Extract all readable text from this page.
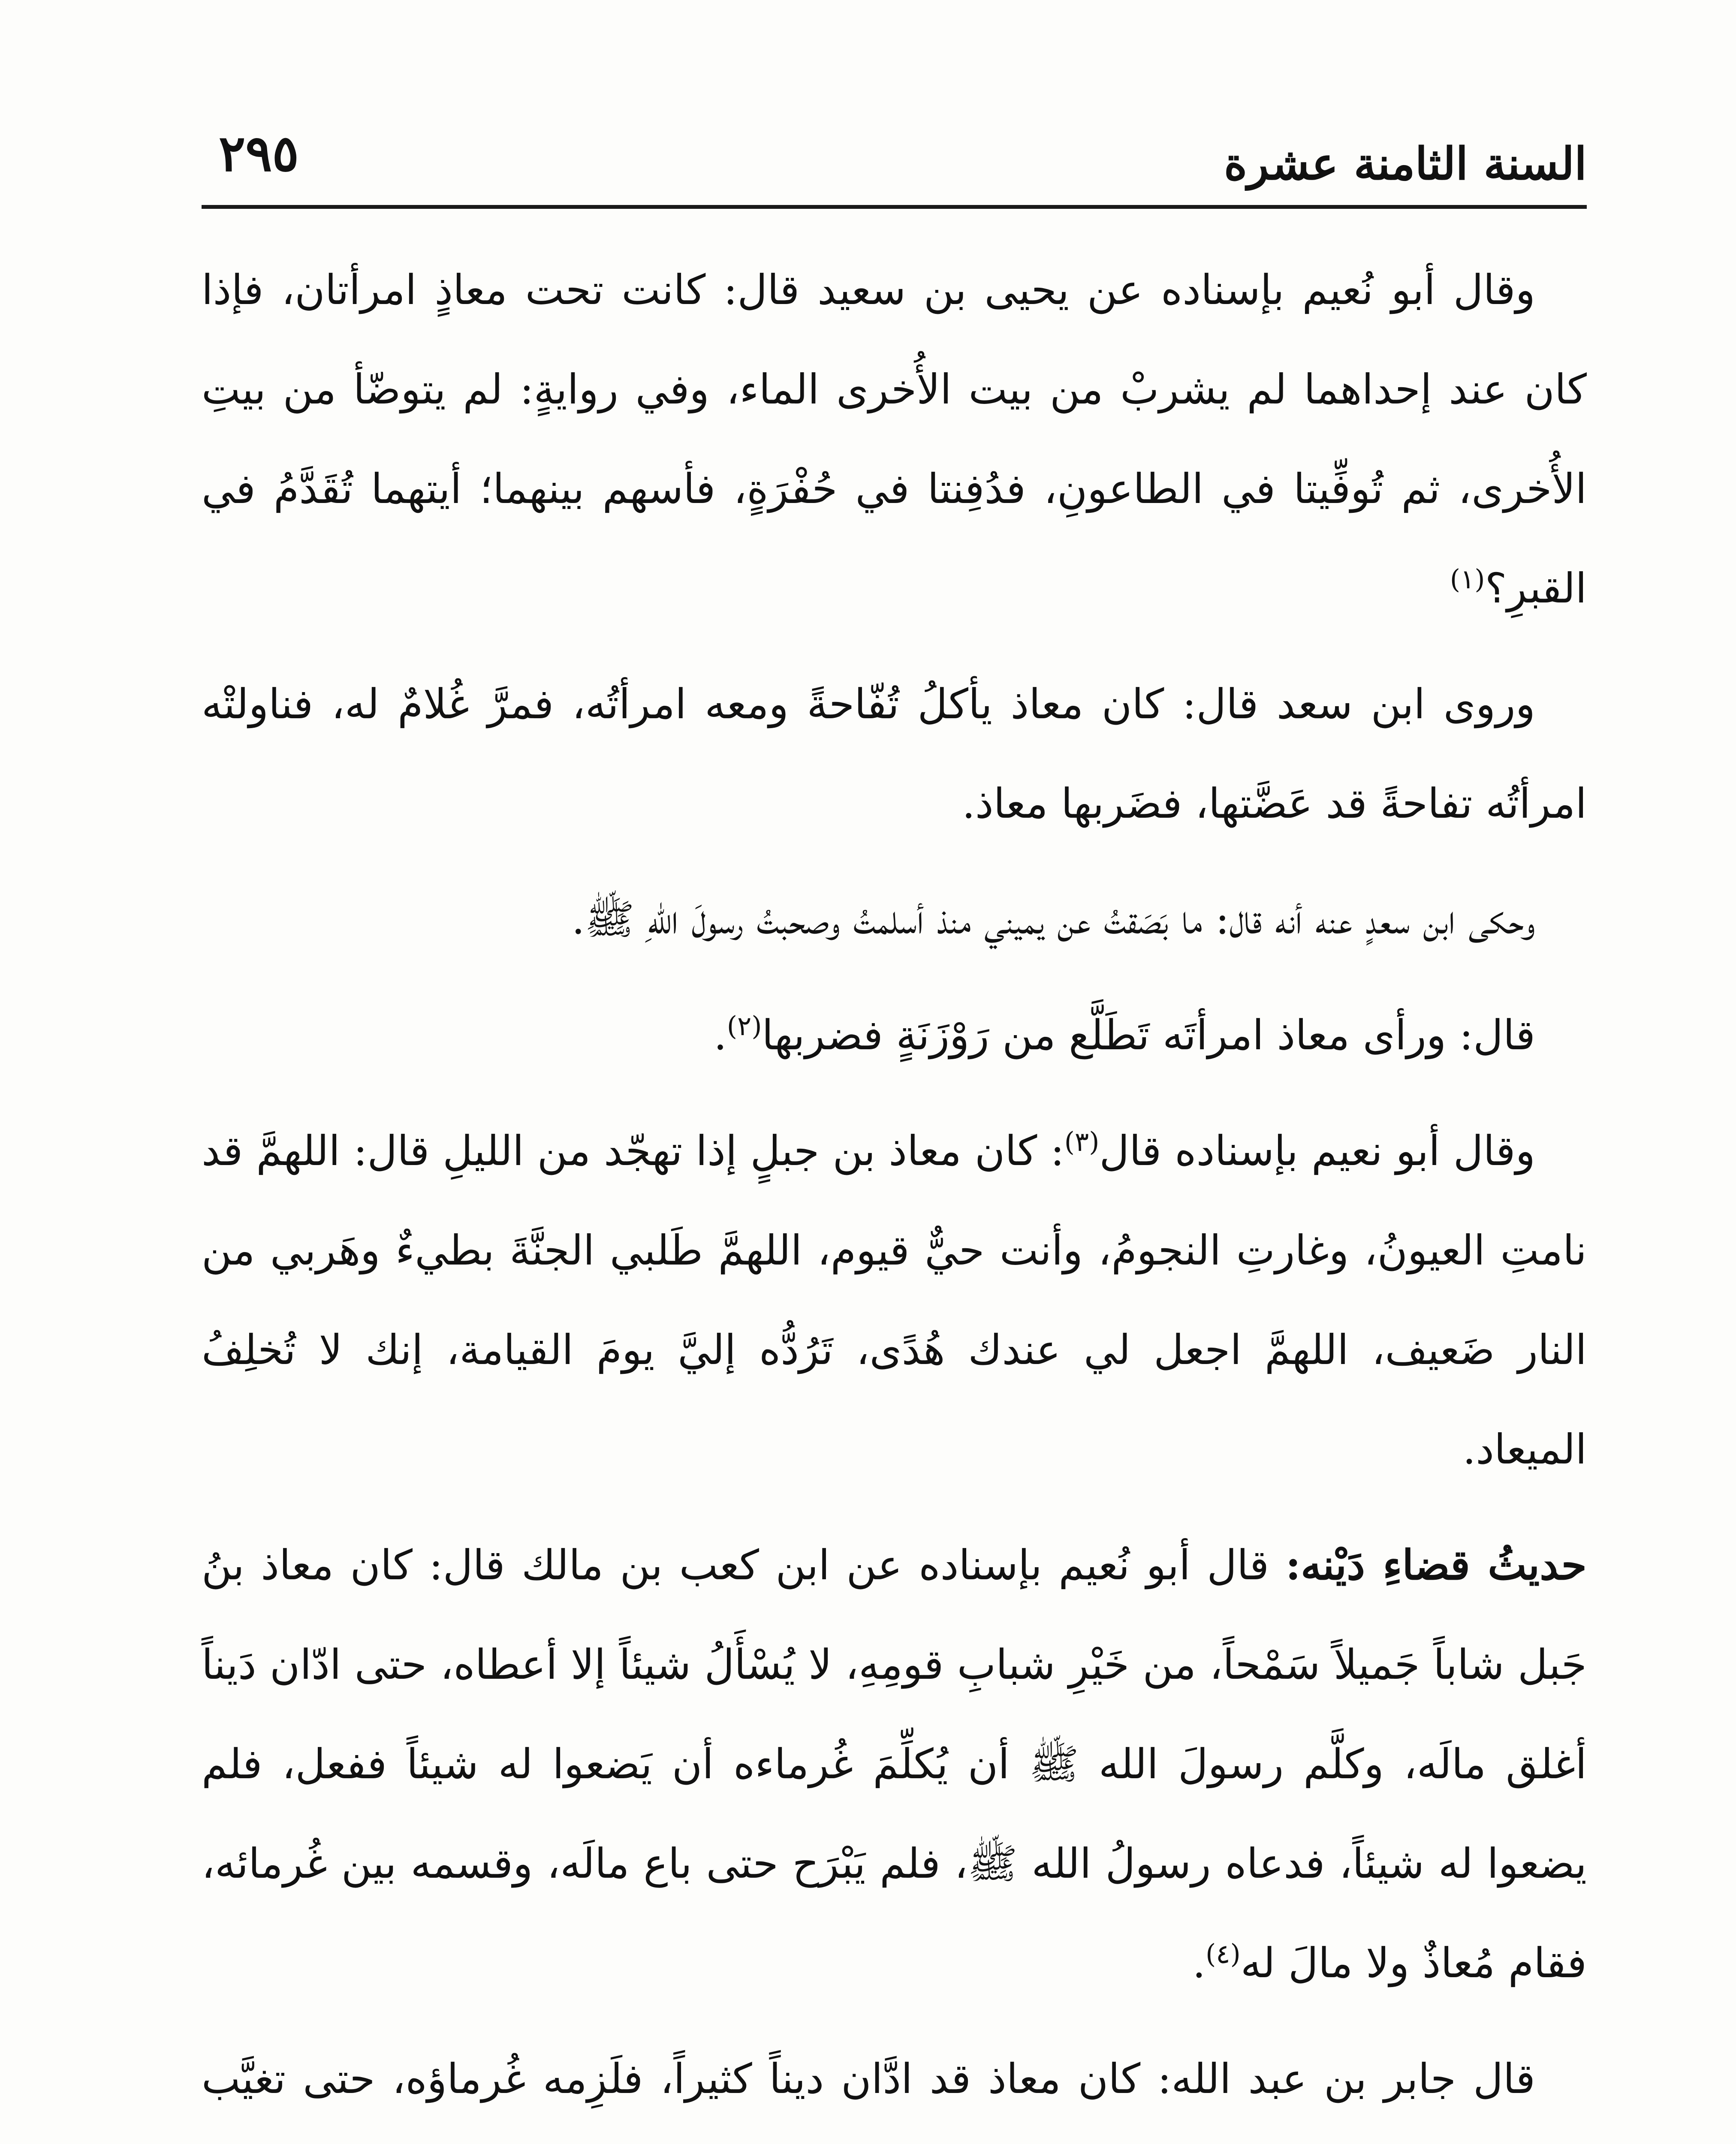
السنة الثامنة عشرة
٢٩٥

وقال أبو نُعيم بإسناده عن يحيى بن سعيد قال: كانت تحت معاذٍ امرأتان، فإذا كان عند إحداهما لم يشربْ من بيت الأُخرى الماء، وفي روايةٍ: لم يتوضّأ من بيتِ الأُخرى، ثم تُوفِّيتا في الطاعونِ، فدُفِنتا في حُفْرَةٍ، فأسهم بينهما؛ أيتهما تُقَدَّمُ في القبرِ؟$^{(١)}$

وروى ابن سعد قال: كان معاذ يأكلُ تُفّاحةً ومعه امرأتُه، فمرَّ غُلامٌ له، فناولتْه امرأتُه تفاحةً قد عَضَّتها، فضَربها معاذ.

وحكى ابن سعدٍ عنه أنه قال: ما بَصَقتُ عن يميني منذ أسلمتُ وصحبتُ رسولَ اللهِ ﷺ.

قال: ورأى معاذ امرأتَه تَطَلَّع من رَوْزَنَةٍ فضربها$^{(٢)}$.

وقال أبو نعيم بإسناده قال$^{(٣)}$: كان معاذ بن جبلٍ إذا تهجّد من الليلِ قال: اللهمَّ قد نامتِ العيونُ، وغارتِ النجومُ، وأنت حيٌّ قيوم، اللهمَّ طَلبي الجنَّةَ بطيءٌ وهَربي من النار ضَعيف، اللهمَّ اجعل لي عندك هُدًى، تَرُدُّه إليَّ يومَ القيامة، إنك لا تُخلِفُ الميعاد.

حديثُ قضاءِ دَيْنه: قال أبو نُعيم بإسناده عن ابن كعب بن مالك قال: كان معاذ بنُ جَبل شاباً جَميلاً سَمْحاً، من خَيْرِ شبابِ قومِهِ، لا يُسْأَلُ شيئاً إلا أعطاه، حتى ادّان دَيناً أغلق مالَه، وكلَّم رسولَ الله ﷺ أن يُكلِّمَ غُرماءه أن يَضعوا له شيئاً ففعل، فلم يضعوا له شيئاً، فدعاه رسولُ الله ﷺ، فلم يَبْرَح حتى باع مالَه، وقسمه بين غُرمائه، فقام مُعاذٌ ولا مالَ له$^{(٤)}$.

قال جابر بن عبد الله: كان معاذ قد ادَّان ديناً كثيراً، فلَزِمه غُرماؤه، حتى تغيَّب
